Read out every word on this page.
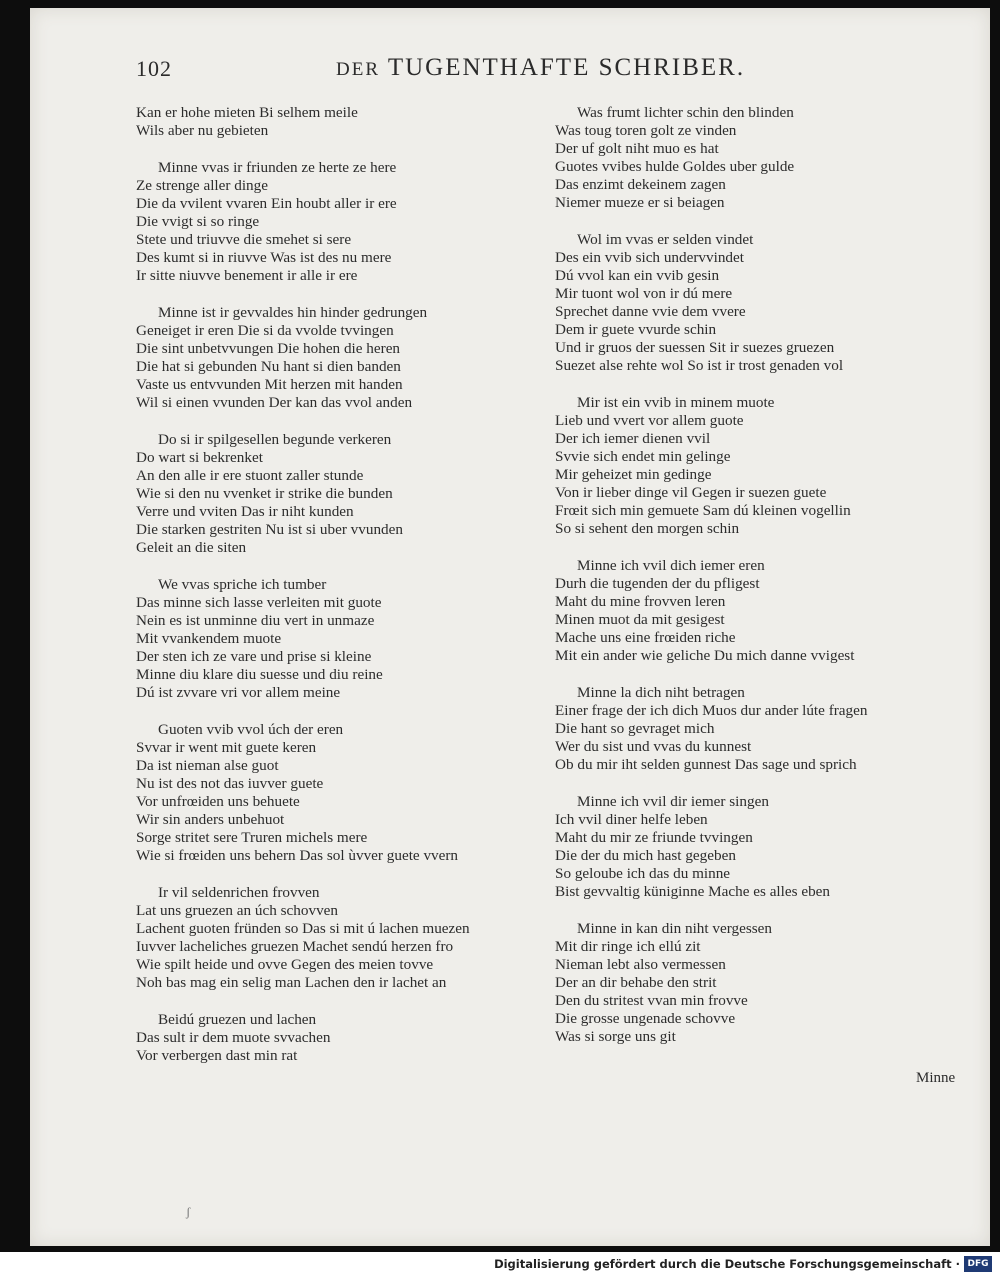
102	DER TUGENTHAFTE SCHRIBER.
Kan er hohe mieten Bi selhem meile
Wils aber nu gebieten
Minne vvas ir friunden ze herte ze here
Ze strenge aller dinge
Die da vvilent vvaren Ein houbt aller ir ere
Die vvigt si so ringe
Stete und triuvve die smehet si sere
Des kumt si in riuvve Was ist des nu mere
Ir sitte niuvve benement ir alle ir ere
Minne ist ir gevvaldes hin hinder gedrungen
Geneiget ir eren Die si da vvolde tvvingen
Die sint unbetvvungen Die hohen die heren
Die hat si gebunden Nu hant si dien banden
Vaste us entvvunden Mit herzen mit handen
Wil si einen vvunden Der kan das vvol anden
Do si ir spilgesellen begunde verkeren
Do wart si bekrenket
An den alle ir ere stuont zaller stunde
Wie si den nu vvenket ir strike die bunden
Verre und vviten Das ir niht kunden
Die starken gestriten Nu ist si uber vvunden
Geleit an die siten
We vvas spriche ich tumber
Das minne sich lasse verleiten mit guote
Nein es ist unminne diu vert in unmaze
Mit vvankendem muote
Der sten ich ze vare und prise si kleine
Minne diu klare diu suesse und diu reine
Dú ist zvvare vri vor allem meine
Guoten vvib vvol úch der eren
Svvar ir went mit guete keren
Da ist nieman alse guot
Nu ist des not das iuvver guete
Vor unfrœiden uns behuete
Wir sin anders unbehuot
Sorge stritet sere Truren michels mere
Wie si frœiden uns behern Das sol ùvver guete vvern
Ir vil seldenrichen frovven
Lat uns gruezen an úch schovven
Lachent guoten fründen so Das si mit ú lachen muezen
Iuvver lacheliches gruezen Machet sendú herzen fro
Wie spilt heide und ovve Gegen des meien tovve
Noh bas mag ein selig man Lachen den ir lachet an
Beidú gruezen und lachen
Das sult ir dem muote svvachen
Vor verbergen dast min rat
Was frumt lichter schin den blinden
Was toug toren golt ze vinden
Der uf golt niht muo es hat
Guotes vvibes hulde Goldes uber gulde
Das enzimt dekeinem zagen
Niemer mueze er si beiagen
Wol im vvas er selden vindet
Des ein vvib sich undervvindet
Dú vvol kan ein vvib gesin
Mir tuont wol von ir dú mere
Sprechet danne vvie dem vvere
Dem ir guete vvurde schin
Und ir gruos der suessen Sit ir suezes gruezen
Suezet alse rehte wol So ist ir trost genaden vol
Mir ist ein vvib in minem muote
Lieb und vvert vor allem guote
Der ich iemer dienen vvil
Svvie sich endet min gelinge
Mir geheizet min gedinge
Von ir lieber dinge vil Gegen ir suezen guete
Frœit sich min gemuete Sam dú kleinen vogellin
So si sehent den morgen schin
Minne ich vvil dich iemer eren
Durh die tugenden der du pfligest
Maht du mine frovven leren
Minen muot da mit gesigest
Mache uns eine frœiden riche
Mit ein ander wie geliche Du mich danne vvigest
Minne la dich niht betragen
Einer frage der ich dich Muos dur ander lúte fragen
Die hant so gevraget mich
Wer du sist und vvas du kunnest
Ob du mir iht selden gunnest Das sage und sprich
Minne ich vvil dir iemer singen
Ich vvil diner helfe leben
Maht du mir ze friunde tvvingen
Die der du mich hast gegeben
So geloube ich das du minne
Bist gevvaltig küniginne Mache es alles eben
Minne in kan din niht vergessen
Mit dir ringe ich ellú zit
Nieman lebt also vermessen
Der an dir behabe den strit
Den du stritest vvan min frovve
Die grosse ungenade schovve
Was si sorge uns git
Minne
ʃ
Digitalisierung gefördert durch die Deutsche Forschungsgemeinschaft · DFG
